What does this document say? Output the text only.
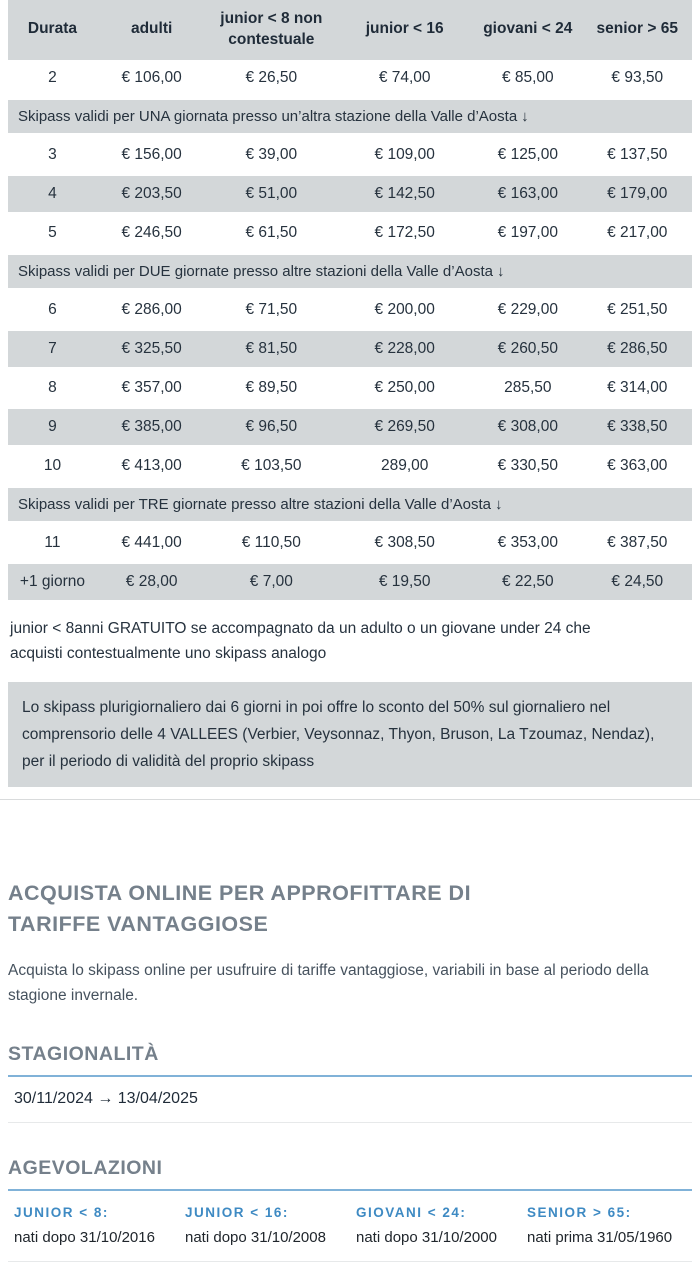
Durata	adulti	junior < 8 non contestuale	junior < 16	giovani < 24	senior > 65
2	€ 106,00	€ 26,50	€ 74,00	€ 85,00	€ 93,50
Skipass validi per UNA giornata presso un’altra stazione della Valle d’Aosta ↓					
3	€ 156,00	€ 39,00	€ 109,00	€ 125,00	€ 137,50
4	€ 203,50	€ 51,00	€ 142,50	€ 163,00	€ 179,00
5	€ 246,50	€ 61,50	€ 172,50	€ 197,00	€ 217,00
Skipass validi per DUE giornate presso altre stazioni della Valle d’Aosta ↓					
6	€ 286,00	€ 71,50	€ 200,00	€ 229,00	€ 251,50
7	€ 325,50	€ 81,50	€ 228,00	€ 260,50	€ 286,50
8	€ 357,00	€ 89,50	€ 250,00	285,50	€ 314,00
9	€ 385,00	€ 96,50	€ 269,50	€ 308,00	€ 338,50
10	€ 413,00	€ 103,50	289,00	€ 330,50	€ 363,00
Skipass validi per TRE giornate presso altre stazioni della Valle d’Aosta ↓					
11	€ 441,00	€ 110,50	€ 308,50	€ 353,00	€ 387,50
+1 giorno	€ 28,00	€ 7,00	€ 19,50	€ 22,50	€ 24,50

junior < 8anni GRATUITO se accompagnato da un adulto o un giovane under 24 che acquisti contestualmente uno skipass analogo

Lo skipass plurigiornaliero dai 6 giorni in poi offre lo sconto del 50% sul giornaliero nel comprensorio delle 4 VALLEES (Verbier, Veysonnaz, Thyon, Bruson, La Tzoumaz, Nendaz), per il periodo di validità del proprio skipass
ACQUISTA ONLINE PER APPROFITTARE DI TARIFFE VANTAGGIOSE

Acquista lo skipass online per usufruire di tariffe vantaggiose, variabili in base al periodo della stagione invernale.

STAGIONALITÀ
30/11/2024 → 13/04/2025
AGEVOLAZIONI
JUNIOR < 8:
nati dopo 31/10/2016
JUNIOR < 16:
nati dopo 31/10/2008
GIOVANI < 24:
nati dopo 31/10/2000
SENIOR > 65:
nati prima 31/05/1960
